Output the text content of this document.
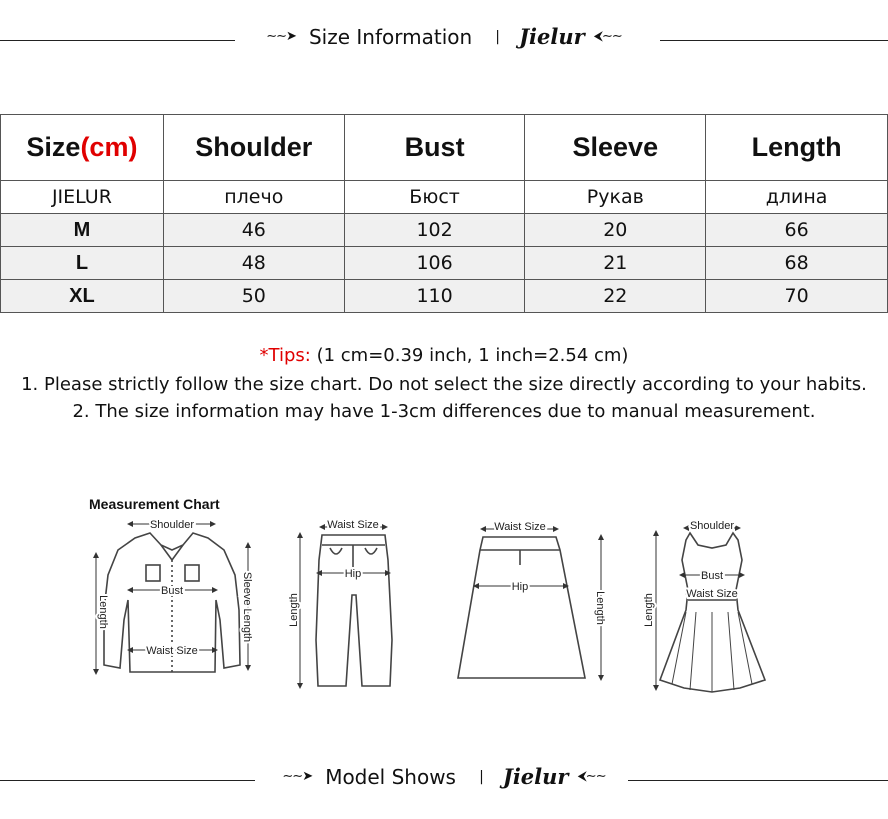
∼∼➤ Size Information | Jielur ⮜∼∼
Size(cm)	Shoulder	Bust	Sleeve	Length
JIELUR	плечо	Бюст	Рукав	длина
M	46	102	20	66
L	48	106	21	68
XL	50	110	22	70
*Tips: (1 cm=0.39 inch, 1 inch=2.54 cm)
1. Please strictly follow the size chart. Do not select the size directly according to your habits.
2. The size information may have 1-3cm differences due to manual measurement.
Measurement Chart
Shoulder
Bust
Waist Size
Length	Sleeve Length
Waist Size
Hip
Length
Waist Size
Hip
Length
Shoulder
Bust
Waist Size
Length
∼∼➤ Model Shows | Jielur ⮜∼∼
